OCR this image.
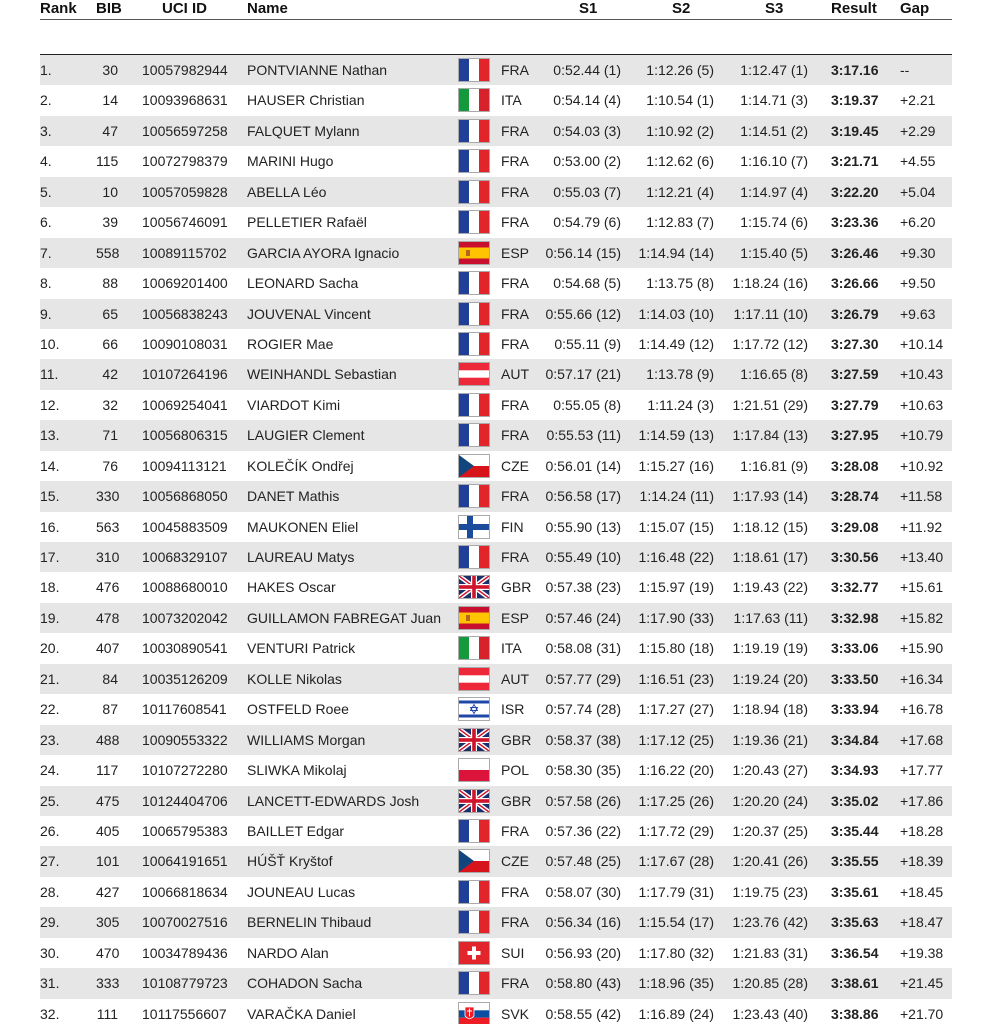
Rank BIB	UCI ID	Name	S1	S2	S3	Result Gap
1.	30 10057982944 PONTVIANNE Nathan	FRA	0:52.44 (1)	1:12.26 (5)	1:12.47 (1) 3:17.16 --
2.	14 10093968631 HAUSER Christian	ITA	0:54.14 (4)	1:10.54 (1)	1:14.71 (3) 3:19.37 +2.21
3.	47 10056597258 FALQUET Mylann	FRA	0:54.03 (3)	1:10.92 (2)	1:14.51 (2) 3:19.45 +2.29
4.	115 10072798379 MARINI Hugo	FRA	0:53.00 (2)	1:12.62 (6)	1:16.10 (7) 3:21.71 +4.55
5.	10 10057059828 ABELLA Léo	FRA	0:55.03 (7)	1:12.21 (4)	1:14.97 (4) 3:22.20 +5.04
6.	39 10056746091 PELLETIER Rafaël	FRA	0:54.79 (6)	1:12.83 (7)	1:15.74 (6) 3:23.36 +6.20
7.	558 10089115702 GARCIA AYORA Ignacio	ESP 0:56.14 (15) 1:14.94 (14)	1:15.40 (5) 3:26.46 +9.30
8.	88 10069201400 LEONARD Sacha	FRA	0:54.68 (5)	1:13.75 (8)	1:18.24 (16) 3:26.66 +9.50
9.	65 10056838243 JOUVENAL Vincent	FRA 0:55.66 (12) 1:14.03 (10)	1:17.11 (10) 3:26.79 +9.63
10.	66 10090108031 ROGIER Mae	FRA	0:55.11 (9) 1:14.49 (12)	1:17.72 (12) 3:27.30 +10.14
11.	42 10107264196 WEINHANDL Sebastian	AUT 0:57.17 (21)	1:13.78 (9)	1:16.65 (8) 3:27.59 +10.43
12.	32 10069254041 VIARDOT Kimi	FRA	0:55.05 (8)	1:11.24 (3)	1:21.51 (29) 3:27.79 +10.63
13.	71 10056806315 LAUGIER Clement	FRA 0:55.53 (11) 1:14.59 (13)	1:17.84 (13) 3:27.95 +10.79
14.	76 10094113121 KOLEČÍK Ondřej	CZE 0:56.01 (14) 1:15.27 (16)	1:16.81 (9) 3:28.08 +10.92
15.	330 10056868050 DANET Mathis	FRA 0:56.58 (17) 1:14.24 (11)	1:17.93 (14) 3:28.74 +11.58
16.	563 10045883509 MAUKONEN Eliel	FIN 0:55.90 (13) 1:15.07 (15)	1:18.12 (15) 3:29.08 +11.92
17.	310 10068329107 LAUREAU Matys	FRA 0:55.49 (10) 1:16.48 (22)	1:18.61 (17) 3:30.56 +13.40
18.	476 10088680010 HAKES Oscar	GBR 0:57.38 (23) 1:15.97 (19)	1:19.43 (22) 3:32.77 +15.61
19.	478 10073202042 GUILLAMON FABREGAT Juan	ESP 0:57.46 (24) 1:17.90 (33)	1:17.63 (11) 3:32.98 +15.82
20.	407 10030890541 VENTURI Patrick	ITA 0:58.08 (31) 1:15.80 (18)	1:19.19 (19) 3:33.06 +15.90
21.	84 10035126209 KOLLE Nikolas	AUT 0:57.77 (29) 1:16.51 (23)	1:19.24 (20) 3:33.50 +16.34
22.	87 10117608541 OSTFELD Roee	ISR 0:57.74 (28) 1:17.27 (27)	1:18.94 (18) 3:33.94 +16.78
23.	488 10090553322 WILLIAMS Morgan	GBR 0:58.37 (38) 1:17.12 (25)	1:19.36 (21) 3:34.84 +17.68
24.	117 10107272280 SLIWKA Mikolaj	POL 0:58.30 (35) 1:16.22 (20)	1:20.43 (27) 3:34.93 +17.77
25.	475 10124404706 LANCETT-EDWARDS Josh	GBR 0:57.58 (26) 1:17.25 (26)	1:20.20 (24) 3:35.02 +17.86
26.	405 10065795383 BAILLET Edgar	FRA 0:57.36 (22) 1:17.72 (29)	1:20.37 (25) 3:35.44 +18.28
27.	101 10064191651 HÚŠŤ Kryštof	CZE 0:57.48 (25) 1:17.67 (28)	1:20.41 (26) 3:35.55 +18.39
28.	427 10066818634 JOUNEAU Lucas	FRA 0:58.07 (30) 1:17.79 (31)	1:19.75 (23) 3:35.61 +18.45
29.	305 10070027516 BERNELIN Thibaud	FRA 0:56.34 (16) 1:15.54 (17)	1:23.76 (42) 3:35.63 +18.47
30.	470 10034789436 NARDO Alan	SUI 0:56.93 (20) 1:17.80 (32)	1:21.83 (31) 3:36.54 +19.38
31.	333 10108779723 COHADON Sacha	FRA 0:58.80 (43) 1:18.96 (35)	1:20.85 (28) 3:38.61 +21.45
32.	111 10117556607 VARAČKA Daniel	SVK 0:58.55 (42) 1:16.89 (24)	1:23.43 (40) 3:38.86 +21.70
